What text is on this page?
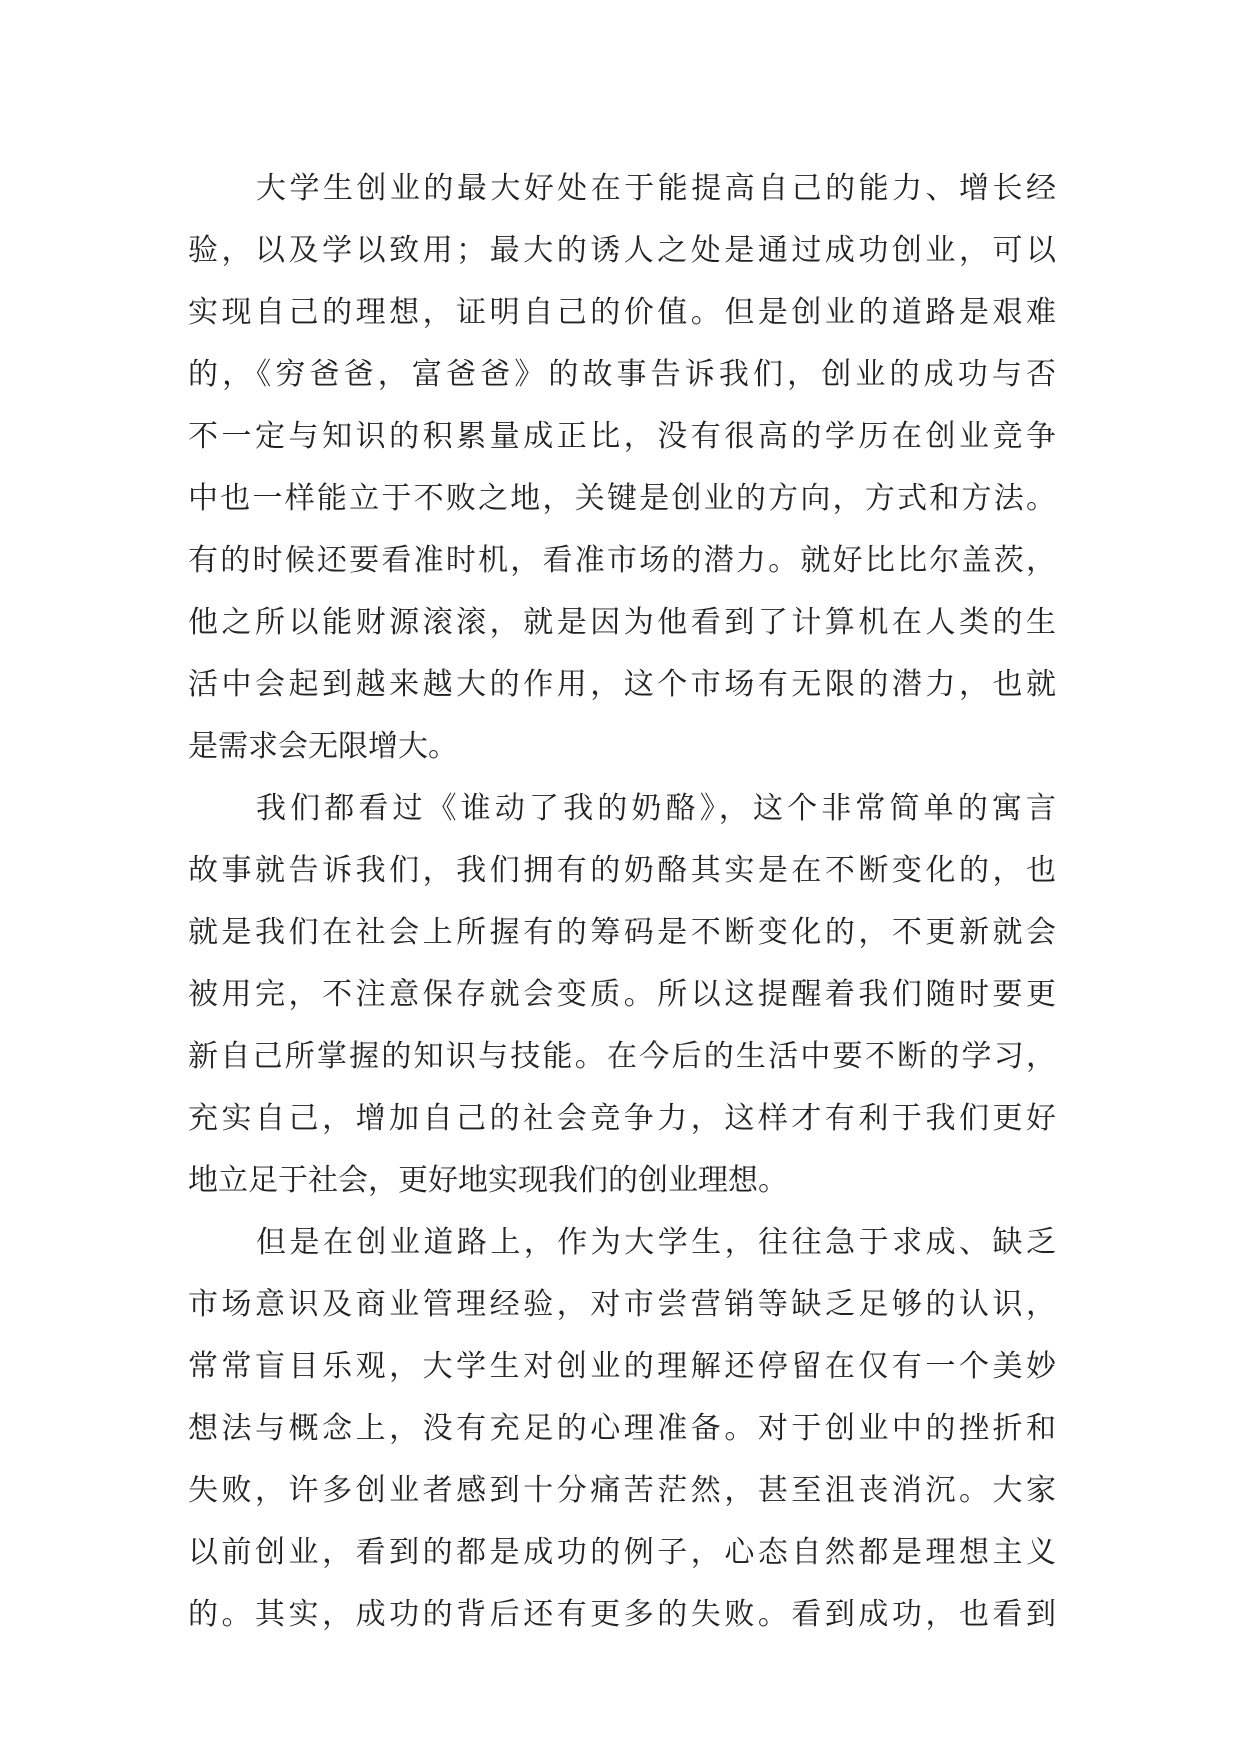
大学生创业的最大好处在于能提高自己的能力、增长经
验，以及学以致用；最大的诱人之处是通过成功创业，可以
实现自己的理想，证明自己的价值。但是创业的道路是艰难
的，《穷爸爸，富爸爸》的故事告诉我们，创业的成功与否
不一定与知识的积累量成正比，没有很高的学历在创业竞争
中也一样能立于不败之地，关键是创业的方向，方式和方法。
有的时候还要看准时机，看准市场的潜力。就好比比尔盖茨，
他之所以能财源滚滚，就是因为他看到了计算机在人类的生
活中会起到越来越大的作用，这个市场有无限的潜力，也就
是需求会无限增大。
我们都看过《谁动了我的奶酪》，这个非常简单的寓言
故事就告诉我们，我们拥有的奶酪其实是在不断变化的，也
就是我们在社会上所握有的筹码是不断变化的，不更新就会
被用完，不注意保存就会变质。所以这提醒着我们随时要更
新自己所掌握的知识与技能。在今后的生活中要不断的学习，
充实自己，增加自己的社会竞争力，这样才有利于我们更好
地立足于社会，更好地实现我们的创业理想。
但是在创业道路上，作为大学生，往往急于求成、缺乏
市场意识及商业管理经验，对市尝营销等缺乏足够的认识，
常常盲目乐观，大学生对创业的理解还停留在仅有一个美妙
想法与概念上，没有充足的心理准备。对于创业中的挫折和
失败，许多创业者感到十分痛苦茫然，甚至沮丧消沉。大家
以前创业，看到的都是成功的例子，心态自然都是理想主义
的。其实，成功的背后还有更多的失败。看到成功，也看到
